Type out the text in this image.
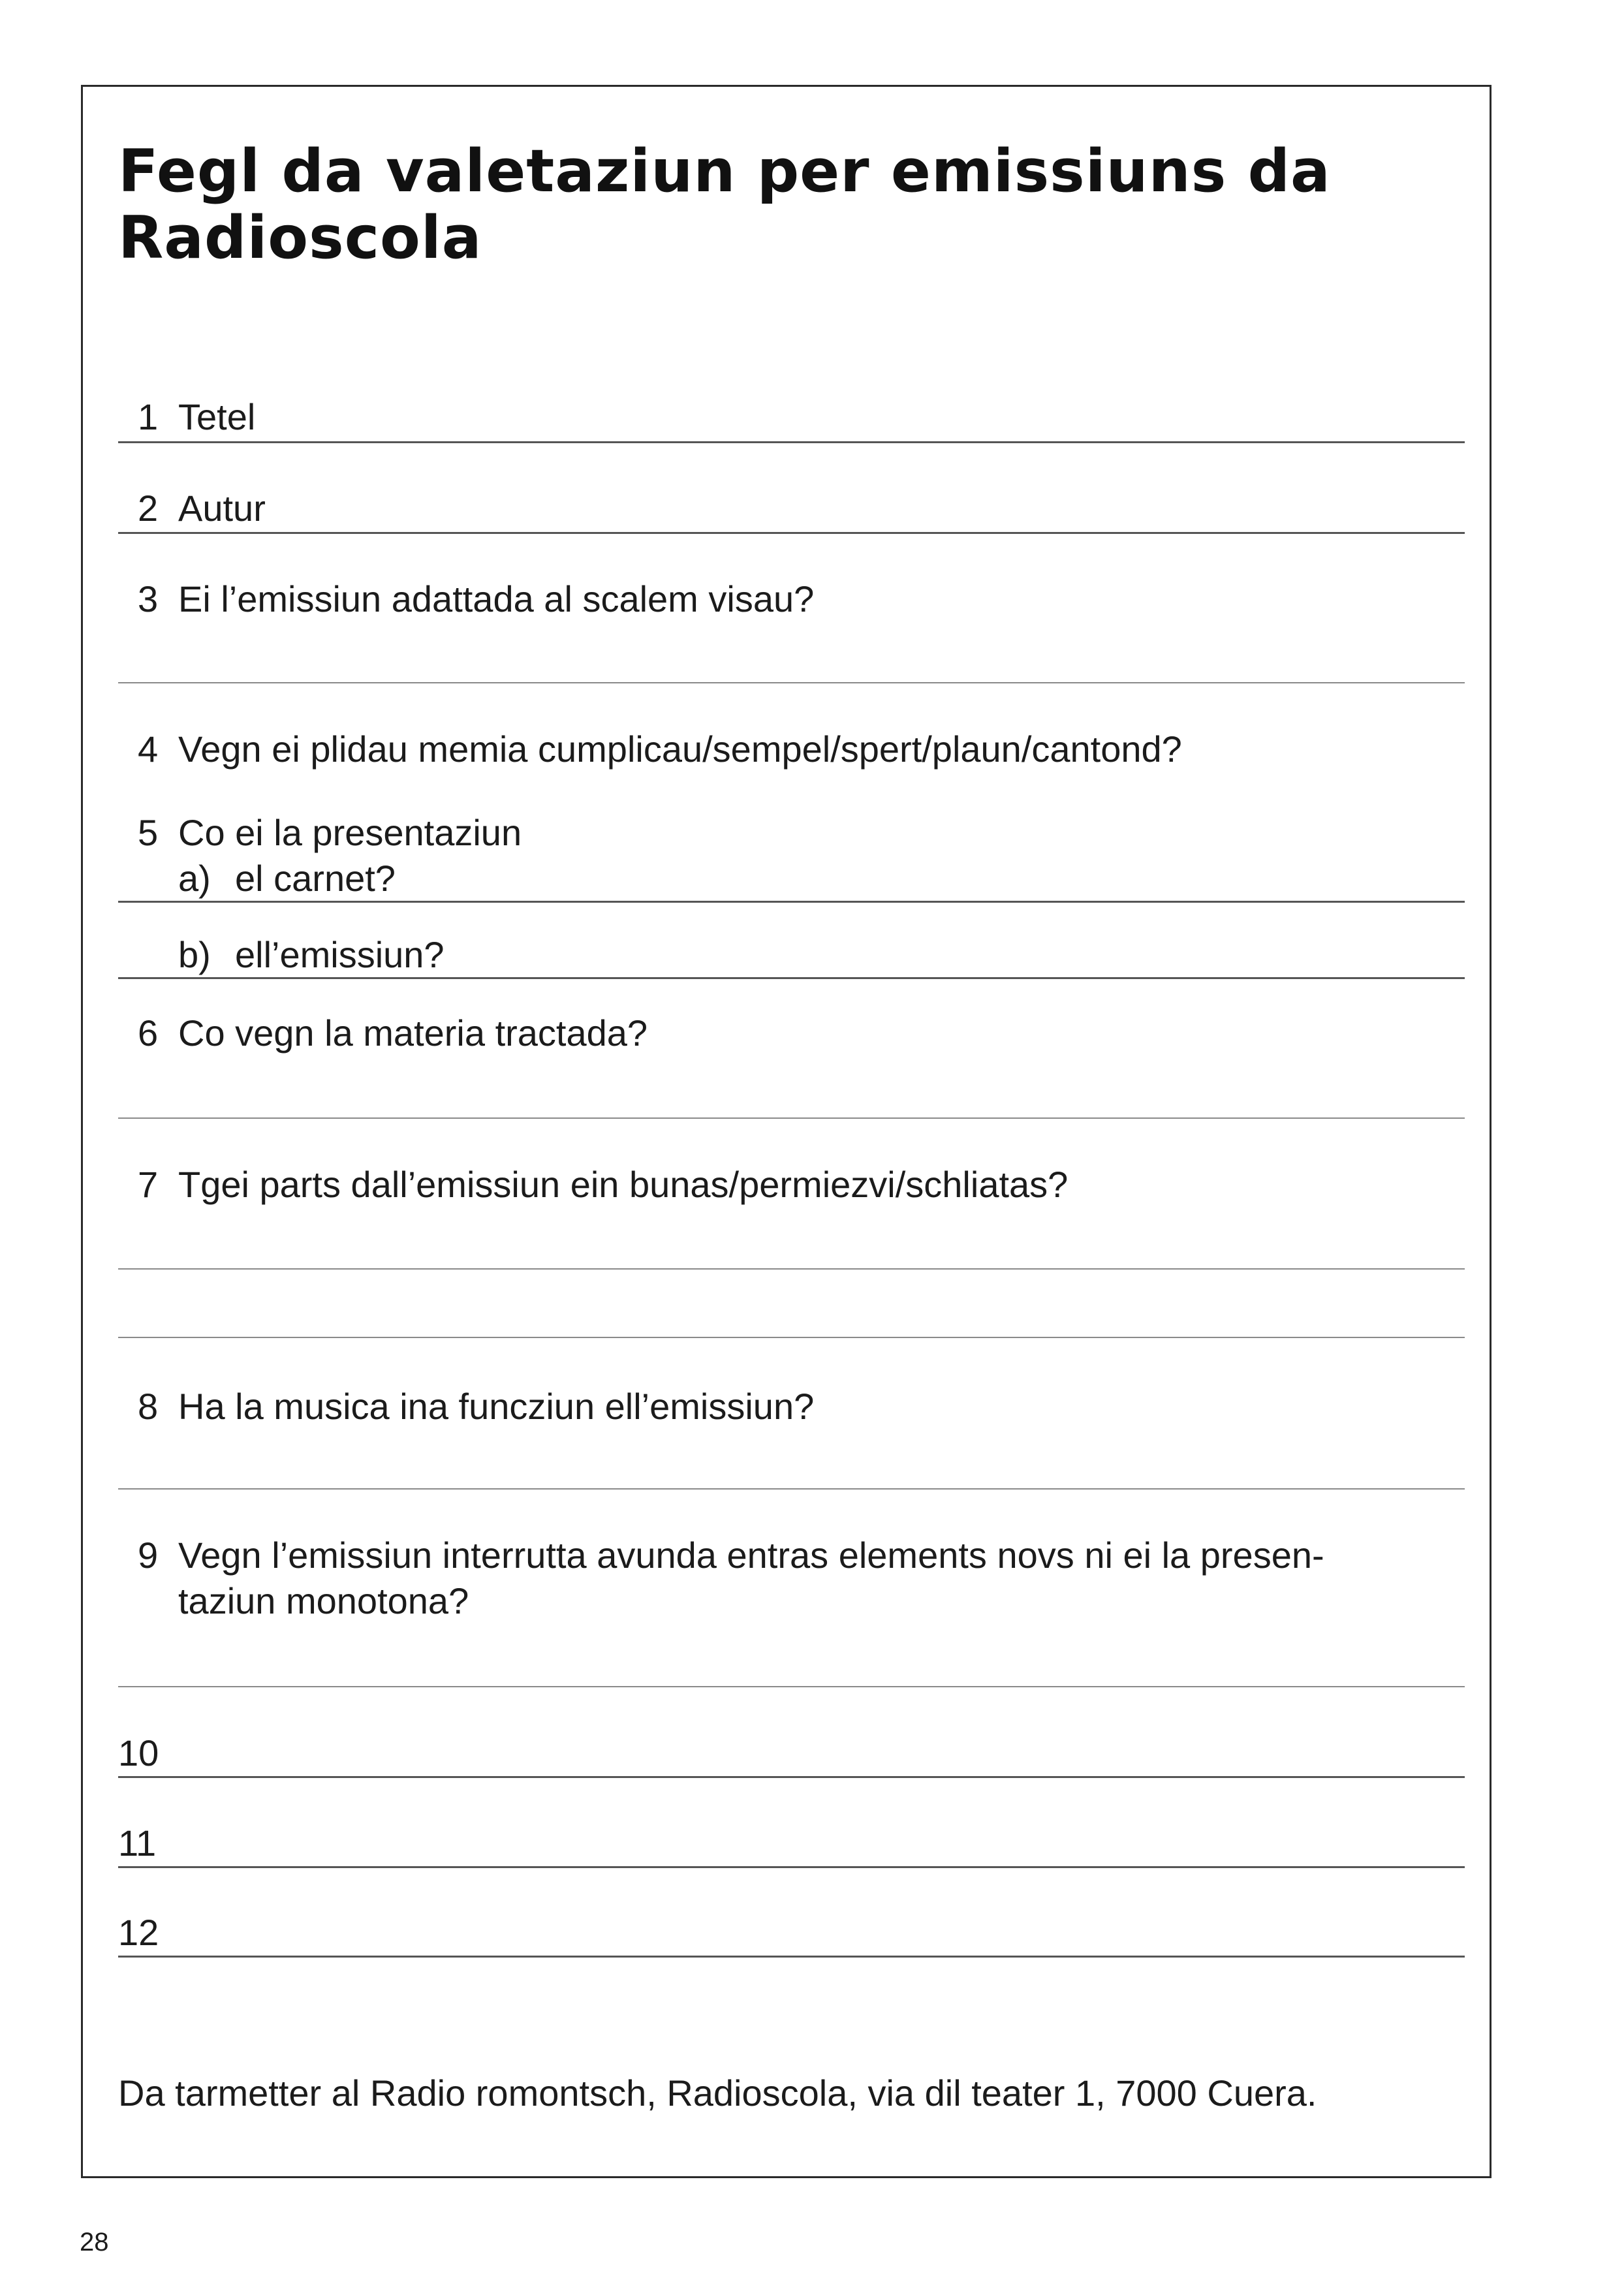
Fegl da valetaziun per emissiuns da
Radioscola
1 Tetel
2 Autur
3 Ei l’emissiun adattada al scalem visau?
4 Vegn ei plidau memia cumplicau/sempel/spert/plaun/cantond?
5 Co ei la presentaziun
a) el carnet?
b) ell’emissiun?
6 Co vegn la materia tractada?
7 Tgei parts dall’emissiun ein bunas/permiezvi/schliatas?
8 Ha la musica ina funcziun ell’emissiun?
9 Vegn l’emissiun interrutta avunda entras elements novs ni ei la presen-
taziun monotona?
10
11
12
Da tarmetter al Radio romontsch, Radioscola, via dil teater 1, 7000 Cuera.
28
